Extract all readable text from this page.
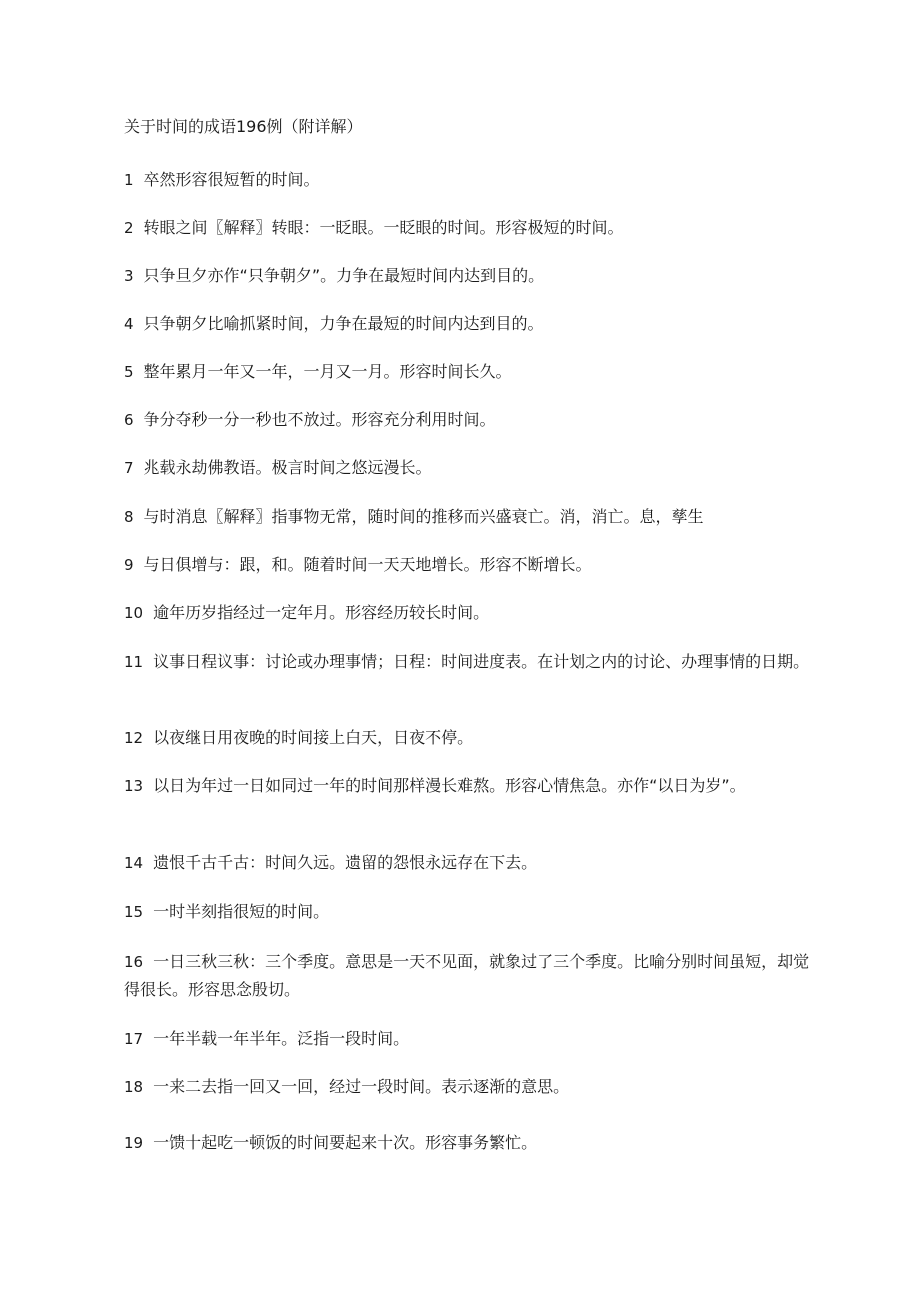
关于时间的成语196例（附详解）
1 卒然形容很短暂的时间。
2 转眼之间〖解释〗转眼：一眨眼。一眨眼的时间。形容极短的时间。
3 只争旦夕亦作“只争朝夕”。力争在最短时间内达到目的。
4 只争朝夕比喻抓紧时间，力争在最短的时间内达到目的。
5 整年累月一年又一年，一月又一月。形容时间长久。
6 争分夺秒一分一秒也不放过。形容充分利用时间。
7 兆载永劫佛教语。极言时间之悠远漫长。
8 与时消息〖解释〗指事物无常，随时间的推移而兴盛衰亡。消，消亡。息，孳生
9 与日俱增与：跟，和。随着时间一天天地增长。形容不断增长。
10 逾年历岁指经过一定年月。形容经历较长时间。
11 议事日程议事：讨论或办理事情；日程：时间进度表。在计划之内的讨论、办理事情的日期。
12 以夜继日用夜晚的时间接上白天，日夜不停。
13 以日为年过一日如同过一年的时间那样漫长难熬。形容心情焦急。亦作“以日为岁”。
14 遗恨千古千古：时间久远。遗留的怨恨永远存在下去。
15 一时半刻指很短的时间。
16 一日三秋三秋：三个季度。意思是一天不见面，就象过了三个季度。比喻分别时间虽短，却觉得很长。形容思念殷切。
17 一年半载一年半年。泛指一段时间。
18 一来二去指一回又一回，经过一段时间。表示逐渐的意思。
19 一馈十起吃一顿饭的时间要起来十次。形容事务繁忙。
